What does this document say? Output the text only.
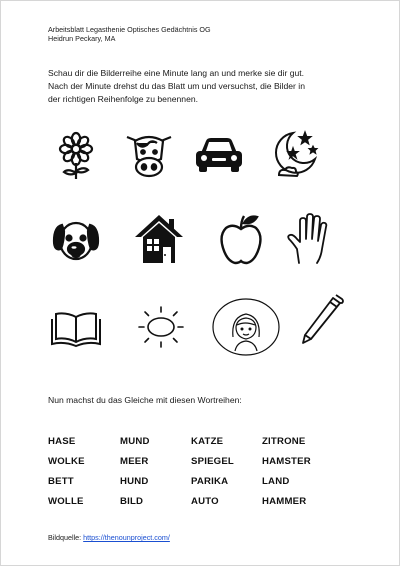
Arbeitsblatt Legasthenie Optisches Gedächtnis OG
Heidrun Peckary, MA
Schau dir die Bilderreihe eine Minute lang an und merke sie dir gut.
Nach der Minute drehst du das Blatt um und versuchst, die Bilder in
der richtigen Reihenfolge zu benennen.
Nun machst du das Gleiche mit diesen Wortreihen:
HASE	MUND	KATZE	ZITRONE
WOLKE	MEER	SPIEGEL	HAMSTER
BETT	HUND	PARIKA	LAND
WOLLE	BILD	AUTO	HAMMER
Bildquelle: https://thenounproject.com/
